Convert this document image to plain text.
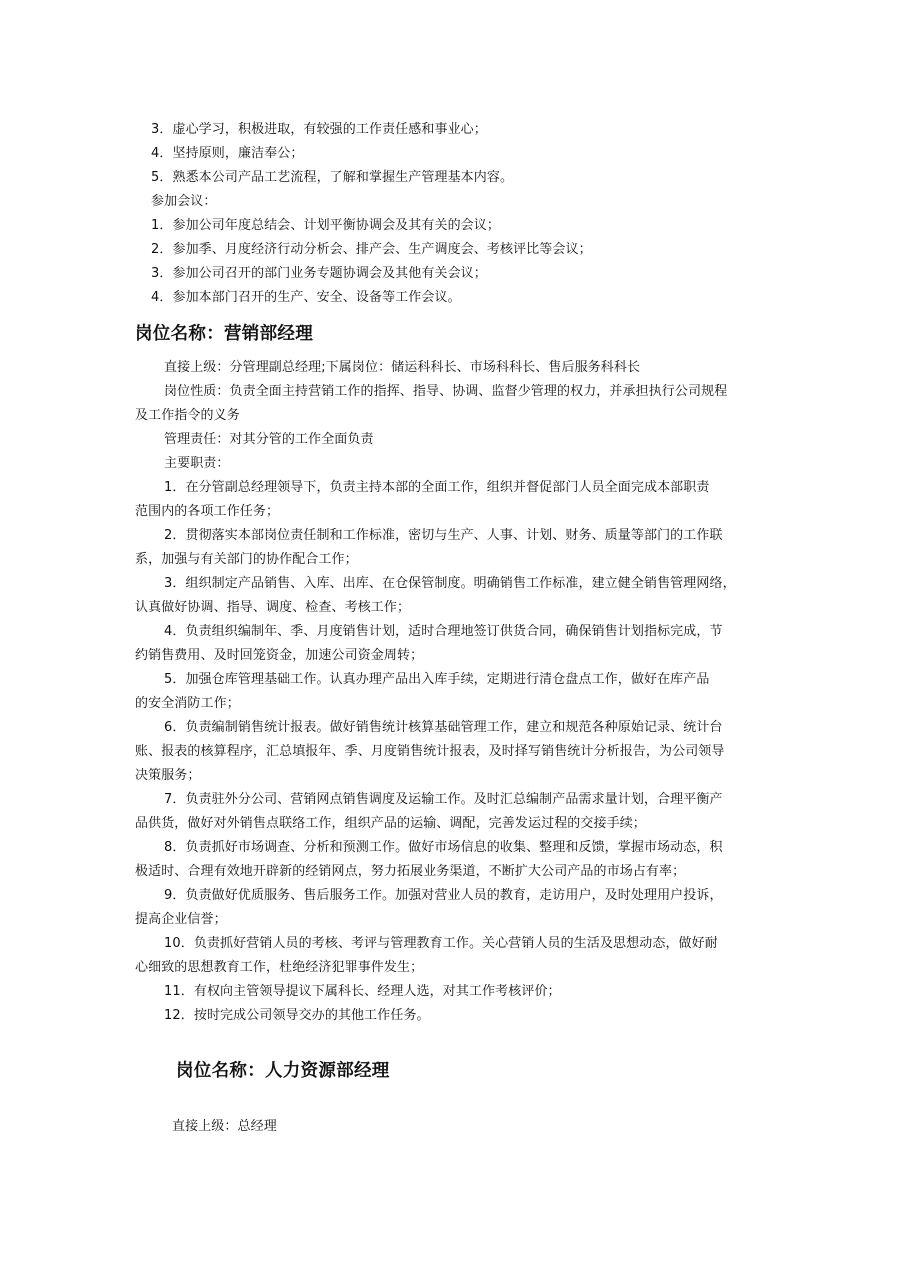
3．虚心学习，积极进取，有较强的工作责任感和事业心；
4．坚持原则，廉洁奉公；
5．熟悉本公司产品工艺流程，了解和掌握生产管理基本内容。
参加会议：
1．参加公司年度总结会、计划平衡协调会及其有关的会议；
2．参加季、月度经济行动分析会、排产会、生产调度会、考核评比等会议；
3．参加公司召开的部门业务专题协调会及其他有关会议；
4．参加本部门召开的生产、安全、设备等工作会议。
岗位名称：营销部经理
直接上级：分管理副总经理;下属岗位：储运科科长、市场科科长、售后服务科科长
岗位性质：负责全面主持营销工作的指挥、指导、协调、监督少管理的权力，并承担执行公司规程
及工作指令的义务
管理责任：对其分管的工作全面负责
主要职责：
1．在分管副总经理领导下，负责主持本部的全面工作，组织并督促部门人员全面完成本部职责
范围内的各项工作任务；
2．贯彻落实本部岗位责任制和工作标准，密切与生产、人事、计划、财务、质量等部门的工作联
系，加强与有关部门的协作配合工作；
3．组织制定产品销售、入库、出库、在仓保管制度。明确销售工作标准，建立健全销售管理网络，
认真做好协调、指导、调度、检查、考核工作；
4．负责组织编制年、季、月度销售计划，适时合理地签订供货合同，确保销售计划指标完成，节
约销售费用、及时回笼资金，加速公司资金周转；
5．加强仓库管理基础工作。认真办理产品出入库手续，定期进行清仓盘点工作，做好在库产品
的安全消防工作；
6．负责编制销售统计报表。做好销售统计核算基础管理工作，建立和规范各种原始记录、统计台
账、报表的核算程序，汇总填报年、季、月度销售统计报表，及时择写销售统计分析报告，为公司领导
决策服务；
7．负责驻外分公司、营销网点销售调度及运输工作。及时汇总编制产品需求量计划，合理平衡产
品供货，做好对外销售点联络工作，组织产品的运输、调配，完善发运过程的交接手续；
8．负责抓好市场调查、分析和预测工作。做好市场信息的收集、整理和反馈，掌握市场动态，积
极适时、合理有效地开辟新的经销网点，努力拓展业务渠道，不断扩大公司产品的市场占有率；
9．负责做好优质服务、售后服务工作。加强对营业人员的教育，走访用户，及时处理用户投诉，
提高企业信誉；
10．负责抓好营销人员的考核、考评与管理教育工作。关心营销人员的生活及思想动态，做好耐
心细致的思想教育工作，杜绝经济犯罪事件发生；
11．有权向主管领导提议下属科长、经理人选，对其工作考核评价；
12．按时完成公司领导交办的其他工作任务。
岗位名称：人力资源部经理
直接上级：总经理
